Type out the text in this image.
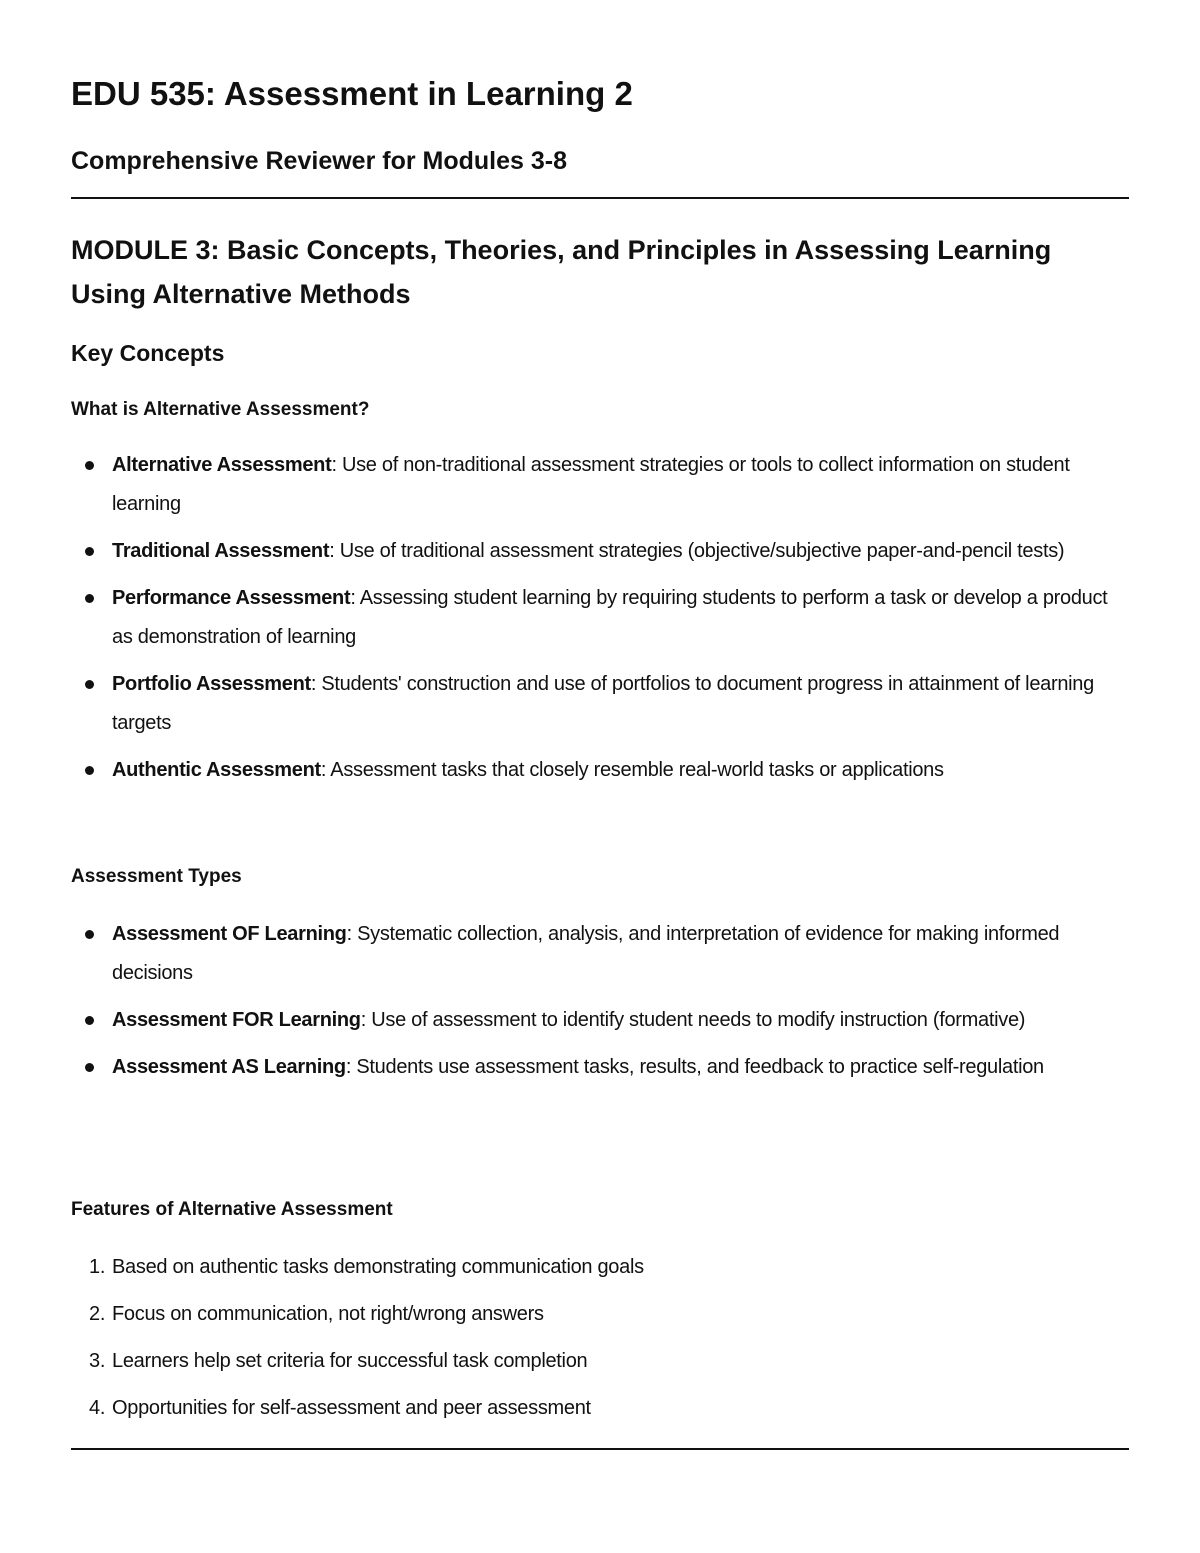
EDU 535: Assessment in Learning 2
Comprehensive Reviewer for Modules 3-8
MODULE 3: Basic Concepts, Theories, and Principles in Assessing Learning Using Alternative Methods
Key Concepts
What is Alternative Assessment?
Alternative Assessment: Use of non-traditional assessment strategies or tools to collect information on student learning
Traditional Assessment: Use of traditional assessment strategies (objective/subjective paper-and-pencil tests)
Performance Assessment: Assessing student learning by requiring students to perform a task or develop a product as demonstration of learning
Portfolio Assessment: Students' construction and use of portfolios to document progress in attainment of learning targets
Authentic Assessment: Assessment tasks that closely resemble real-world tasks or applications
Assessment Types
Assessment OF Learning: Systematic collection, analysis, and interpretation of evidence for making informed decisions
Assessment FOR Learning: Use of assessment to identify student needs to modify instruction (formative)
Assessment AS Learning: Students use assessment tasks, results, and feedback to practice self-regulation
Features of Alternative Assessment
1. Based on authentic tasks demonstrating communication goals
2. Focus on communication, not right/wrong answers
3. Learners help set criteria for successful task completion
4. Opportunities for self-assessment and peer assessment
